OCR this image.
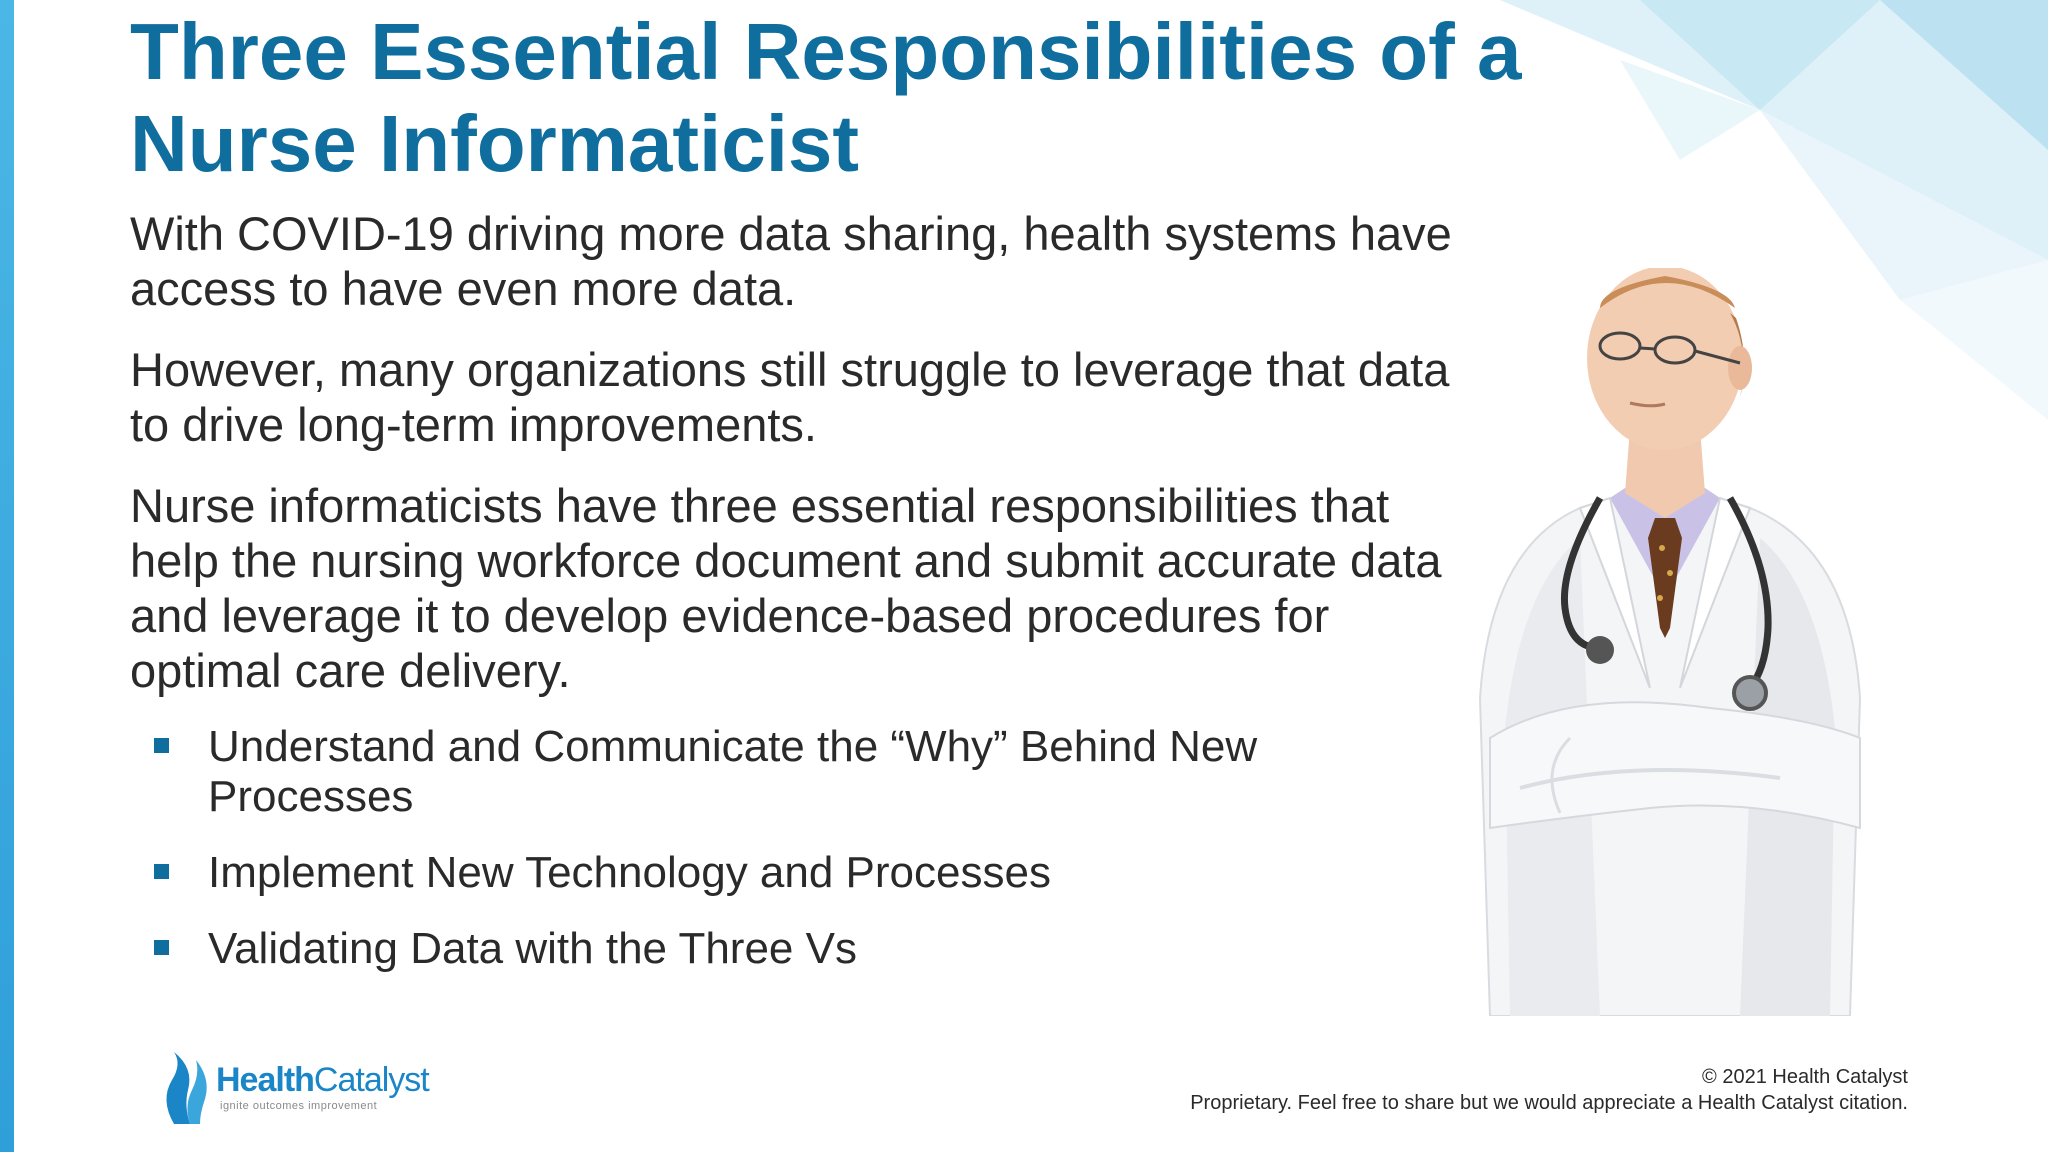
Three Essential Responsibilities of a Nurse Informaticist

With COVID-19 driving more data sharing, health systems have access to have even more data.

However, many organizations still struggle to leverage that data to drive long-term improvements.

Nurse informaticists have three essential responsibilities that help the nursing workforce document and submit accurate data and leverage it to develop evidence-based procedures for optimal care delivery.

Understand and Communicate the “Why” Behind New Processes
Implement New Technology and Processes
Validating Data with the Three Vs
HealthCatalyst
ignite outcomes improvement
© 2021 Health Catalyst
Proprietary. Feel free to share but we would appreciate a Health Catalyst citation.
